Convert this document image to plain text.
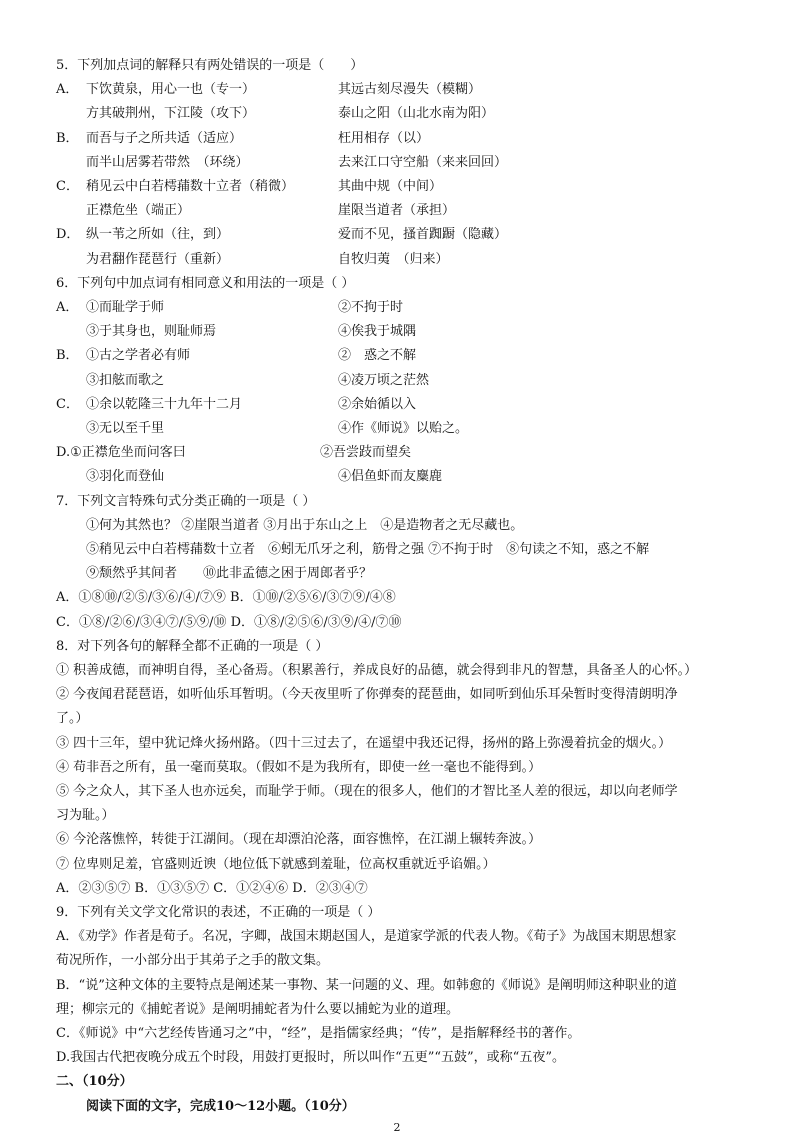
5．下列加点词的解释只有两处错误的一项是（　　）
A． 下饮黄泉，用心一也（专一）	其远古刻尽漫失（模糊）
方其破荆州，下江陵（攻下）	泰山之阳（山北水南为阳）
B． 而吾与子之所共适（适应）	枉用相存（以）
而半山居雾若带然　（环绕）	去来江口守空船（来来回回）
C． 稍见云中白若樗蒱数十立者（稍微）	其曲中规（中间）
正襟危坐（端正）	崖限当道者（承担）
D． 纵一苇之所如（往，到）	爱而不见，搔首踟蹰（隐藏）
为君翻作琵琶行（重新）	自牧归荑　（归来）
6．下列句中加点词有相同意义和用法的一项是（ ）
A． ①而耻学于师	②不拘于时
③于其身也，则耻师焉	④俟我于城隅
B． ①古之学者必有师	②　惑之不解
③扣舷而歌之	④凌万顷之茫然
C． ①余以乾隆三十九年十二月	②余始循以入
③无以至千里	④作《师说》以贻之。
D.①正襟危坐而问客曰	②吾尝跂而望矣
③羽化而登仙	④侣鱼虾而友麋鹿
7．下列文言特殊句式分类正确的一项是（ ）
①何为其然也？ ②崖限当道者 ③月出于东山之上　④是造物者之无尽藏也。
⑤稍见云中白若樗蒱数十立者　⑥蚓无爪牙之利，筋骨之强 ⑦不拘于时　⑧句读之不知，惑之不解
⑨颓然乎其间者　　⑩此非孟德之困于周郎者乎？
A．①⑧⑩/②⑤/③⑥/④/⑦⑨ B．①⑩/②⑤⑥/③⑦⑨/④⑧
C．①⑧/②⑥/③④⑦/⑤⑨/⑩ D．①⑧/②⑤⑥/③⑨/④/⑦⑩
8．对下列各句的解释全都不正确的一项是（ ）
① 积善成德，而神明自得，圣心备焉。（积累善行，养成良好的品德，就会得到非凡的智慧，具备圣人的心怀。）
② 今夜闻君琵琶语，如听仙乐耳暂明。（今天夜里听了你弹奏的琵琶曲，如同听到仙乐耳朵暂时变得清朗明净
了。）
③ 四十三年，望中犹记烽火扬州路。（四十三过去了，在遥望中我还记得，扬州的路上弥漫着抗金的烟火。）
④ 苟非吾之所有，虽一毫而莫取。（假如不是为我所有，即使一丝一毫也不能得到。）
⑤ 今之众人，其下圣人也亦远矣，而耻学于师。（现在的很多人，他们的才智比圣人差的很远，却以向老师学
习为耻。）
⑥ 今沦落憔悴，转徙于江湖间。（现在却漂泊沦落，面容憔悴，在江湖上辗转奔波。）
⑦ 位卑则足羞，官盛则近谀（地位低下就感到羞耻，位高权重就近乎谄媚。）
A．②③⑤⑦ B．①③⑤⑦ C．①②④⑥ D．②③④⑦
9．下列有关文学文化常识的表述，不正确的一项是（ ）
A．《劝学》作者是荀子。名况，字卿，战国末期赵国人，是道家学派的代表人物。《荀子》为战国末期思想家
荀况所作，一小部分出于其弟子之手的散文集。
B．“说”这种文体的主要特点是阐述某一事物、某一问题的义、理。如韩愈的《师说》是阐明师这种职业的道
理；柳宗元的《捕蛇者说》是阐明捕蛇者为什么要以捕蛇为业的道理。
C．《师说》中“六艺经传皆通习之”中，“经”，是指儒家经典；“传”，是指解释经书的著作。
D.我国古代把夜晚分成五个时段，用鼓打更报时，所以叫作“五更”“五鼓”，或称“五夜”。
二、（10分）
阅读下面的文字，完成10～12小题。（10分）
2
